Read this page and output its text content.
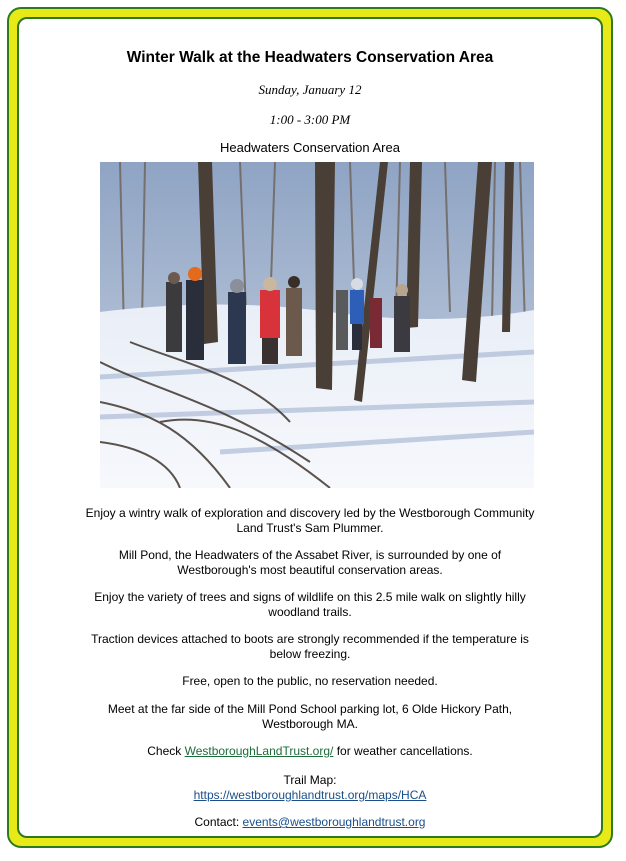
Winter Walk at the Headwaters Conservation Area

Sunday, January 12

1:00 - 3:00 PM

Headwaters Conservation Area

Enjoy a wintry walk of exploration and discovery led by the Westborough Community Land Trust's Sam Plummer.

Mill Pond, the Headwaters of the Assabet River, is surrounded by one of Westborough's most beautiful conservation areas.

Enjoy the variety of trees and signs of wildlife on this 2.5 mile walk on slightly hilly woodland trails.

Traction devices attached to boots are strongly recommended if the temperature is below freezing.

Free, open to the public, no reservation needed.

Meet at the far side of the Mill Pond School parking lot, 6 Olde Hickory Path, Westborough MA.

Check WestboroughLandTrust.org/ for weather cancellations.

Trail Map:

https://westboroughlandtrust.org/maps/HCA

Contact: events@westboroughlandtrust.org
